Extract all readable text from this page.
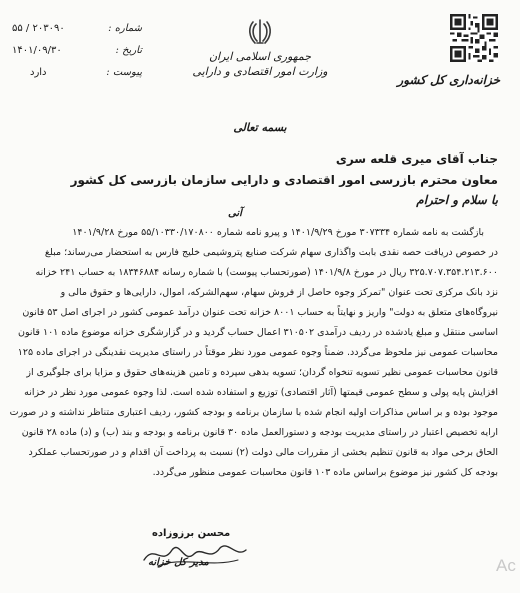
شماره :
۵۵ / ۲۰۳۰۹۰
تاریخ :
۱۴۰۱/۰۹/۳۰
پیوست :
دارد
جمهوری اسلامی ایران
وزارت امور اقتصادی و دارایی
خزانه‌داری کل کشور
بسمه تعالی
جناب آقای میری قلعه سری
معاون محترم بازرسی امور اقتصادی و دارایی سازمان بازرسی کل کشور
با سلام و احترام
آنی
بازگشت به نامه شماره ۳۰۷۳۳۴ مورخ ۱۴۰۱/۹/۲۹ و پیرو نامه شماره ۵۵/۱۰۳۳۰/۱۷۰۸۰۰ مورخ ۱۴۰۱/۹/۲۸
در خصوص دریافت حصه نقدی بابت واگذاری سهام شرکت صنایع پتروشیمی خلیج فارس به استحضار می‌رساند؛ مبلغ
۳۲۵.۷۰۷.۳۵۴.۲۱۳.۶۰۰ ریال در مورخ ۱۴۰۱/۹/۸ (صورتحساب پیوست) با شماره رسانه ۱۸۳۴۶۸۸۴ به حساب ۲۴۱ خزانه
نزد بانک مرکزی تحت عنوان "تمرکز وجوه حاصل از فروش سهام، سهم‌الشرکه، اموال، دارایی‌ها و حقوق مالی و
نیروگاه‌های متعلق به دولت" واریز و نهایتاً به حساب ۸۰۰۱ خزانه تحت عنوان درآمد عمومی کشور در اجرای اصل ۵۳ قانون
اساسی منتقل و مبلغ یادشده در ردیف درآمدی ۳۱۰۵۰۲ اعمال حساب گردید و در گزارشگری خزانه موضوع ماده ۱۰۱ قانون
محاسبات عمومی نیز ملحوظ می‌گردد. ضمناً وجوه عمومی مورد نظر موقتاً در راستای مدیریت نقدینگی در اجرای ماده ۱۲۵
قانون محاسبات عمومی نظیر تسویه تنخواه گردان؛ تسویه بدهی سپرده و تامین هزینه‌های حقوق و مزایا برای جلوگیری از
افزایش پایه پولی و سطح عمومی قیمتها (آثار اقتصادی) توزیع و استفاده شده است. لذا وجوه عمومی مورد نظر در خزانه
موجود بوده و بر اساس مذاکرات اولیه انجام شده با سازمان برنامه و بودجه کشور، ردیف اعتباری متناظر نداشته و در صورت
ارایه تخصیص اعتبار در راستای مدیریت بودجه و دستورالعمل ماده ۳۰ قانون برنامه و بودجه و بند (ب) و (د) ماده ۲۸ قانون
الحاق برخی مواد به قانون تنظیم بخشی از مقررات مالی دولت (۲) نسبت به پرداخت آن اقدام و در صورتحساب عملکرد
بودجه کل کشور نیز موضوع براساس ماده ۱۰۳ قانون محاسبات عمومی منظور می‌گردد.
محسن برزوزاده
مدیر کل خزانه	Ac
